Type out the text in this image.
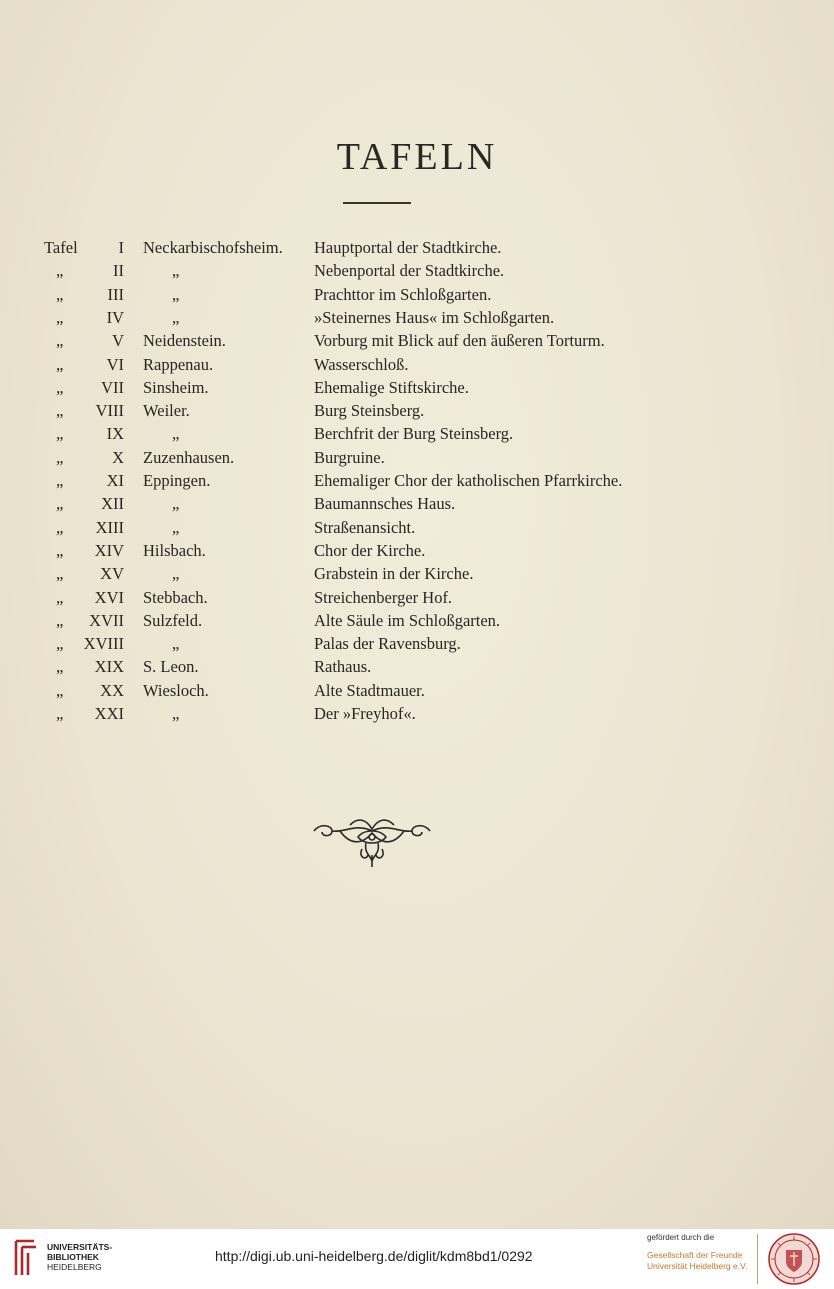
TAFELN
Tafel	I Neckarbischofsheim.	Hauptportal der Stadtkirche.
„	II	„	Nebenportal der Stadtkirche.
„	III	„	Prachttor im Schloßgarten.
„	IV	„	»Steinernes Haus« im Schloßgarten.
„	V Neidenstein.	Vorburg mit Blick auf den äußeren Torturm.
„	VI Rappenau.	Wasserschloß.
„	VII Sinsheim.	Ehemalige Stiftskirche.
„	VIII Weiler.	Burg Steinsberg.
„	IX	„	Berchfrit der Burg Steinsberg.
„	X Zuzenhausen.	Burgruine.
„	XI Eppingen.	Ehemaliger Chor der katholischen Pfarrkirche.
„	XII	„	Baumannsches Haus.
„	XIII	„	Straßenansicht.
„	XIV Hilsbach.	Chor der Kirche.
„	XV	„	Grabstein in der Kirche.
„	XVI Stebbach.	Streichenberger Hof.
„	XVII Sulzfeld.	Alte Säule im Schloßgarten.
„	XVIII	„	Palas der Ravensburg.
„	XIX S. Leon.	Rathaus.
„	XX Wiesloch.	Alte Stadtmauer.
„	XXI	„	Der »Freyhof«.
UNIVERSITÄTS-
BIBLIOTHEK
HEIDELBERG
http://digi.ub.uni-heidelberg.de/diglit/kdm8bd1/0292
gefördert durch die
Gesellschaft der Freunde
Universität Heidelberg e.V.
